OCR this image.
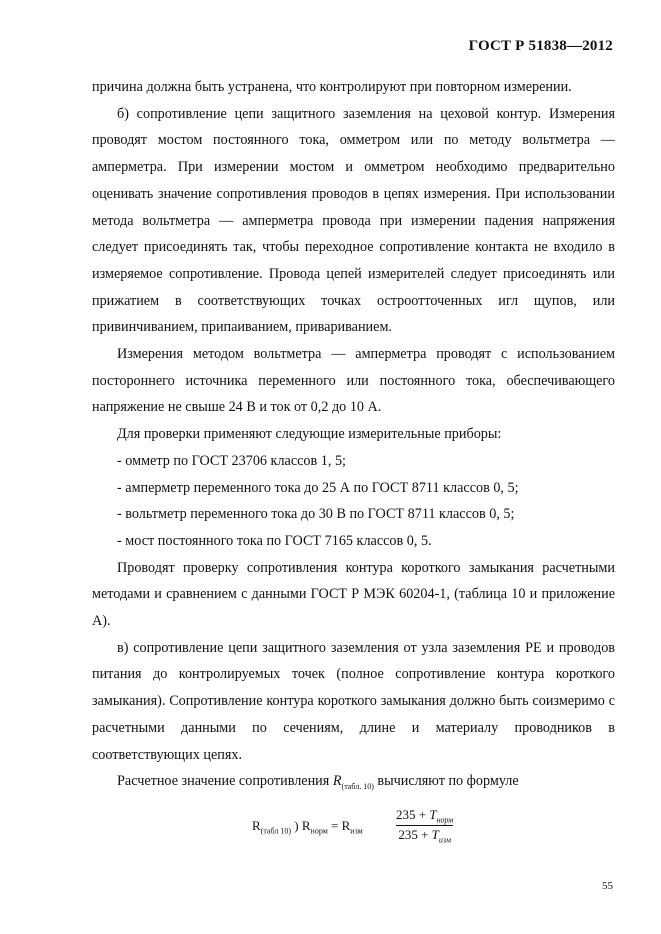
ГОСТ Р 51838—2012

причина должна быть устранена, что контролируют при повторном измерении.

б) сопротивление цепи защитного заземления на цеховой контур. Измерения проводят мостом постоянного тока, омметром или по методу вольтметра — амперметра. При измерении мостом и омметром необходимо предварительно оценивать значение сопротивления проводов в цепях измерения. При использовании метода вольтметра — амперметра провода при измерении падения напряжения следует присоединять так, чтобы переходное сопротивление контакта не входило в измеряемое сопротивление. Провода цепей измерителей следует присоединять или прижатием в соответствующих точках остроотточенных игл щупов, или привинчиванием, припаиванием, привариванием.

Измерения методом вольтметра — амперметра проводят с использованием постороннего источника переменного или постоянного тока, обеспечивающего напряжение не свыше 24 В и ток от 0,2 до 10 А.

Для проверки применяют следующие измерительные приборы:

- омметр по ГОСТ 23706 классов 1, 5;

- амперметр переменного тока до 25 А по ГОСТ 8711 классов 0, 5;

- вольтметр переменного тока до 30 В по ГОСТ 8711 классов 0, 5;

- мост постоянного тока по ГОСТ 7165 классов 0, 5.

Проводят проверку сопротивления контура короткого замыкания расчетными методами и сравнением с данными ГОСТ Р МЭК 60204-1, (таблица 10 и приложение А).

в) сопротивление цепи защитного заземления от узла заземления РЕ и проводов питания до контролируемых точек (полное сопротивление контура короткого замыкания). Сопротивление контура короткого замыкания должно быть соизмеримо с расчетными данными по сечениям, длине и материалу проводников в соответствующих цепях.

Расчетное значение сопротивления $R_{(табл. 10)}$ вычисляют по формуле

$R_{(табл 10)}$ ) $R_{норм} = R_{изм}$
$235 + T_{норм}$
$235 + T_{изм}$
55
